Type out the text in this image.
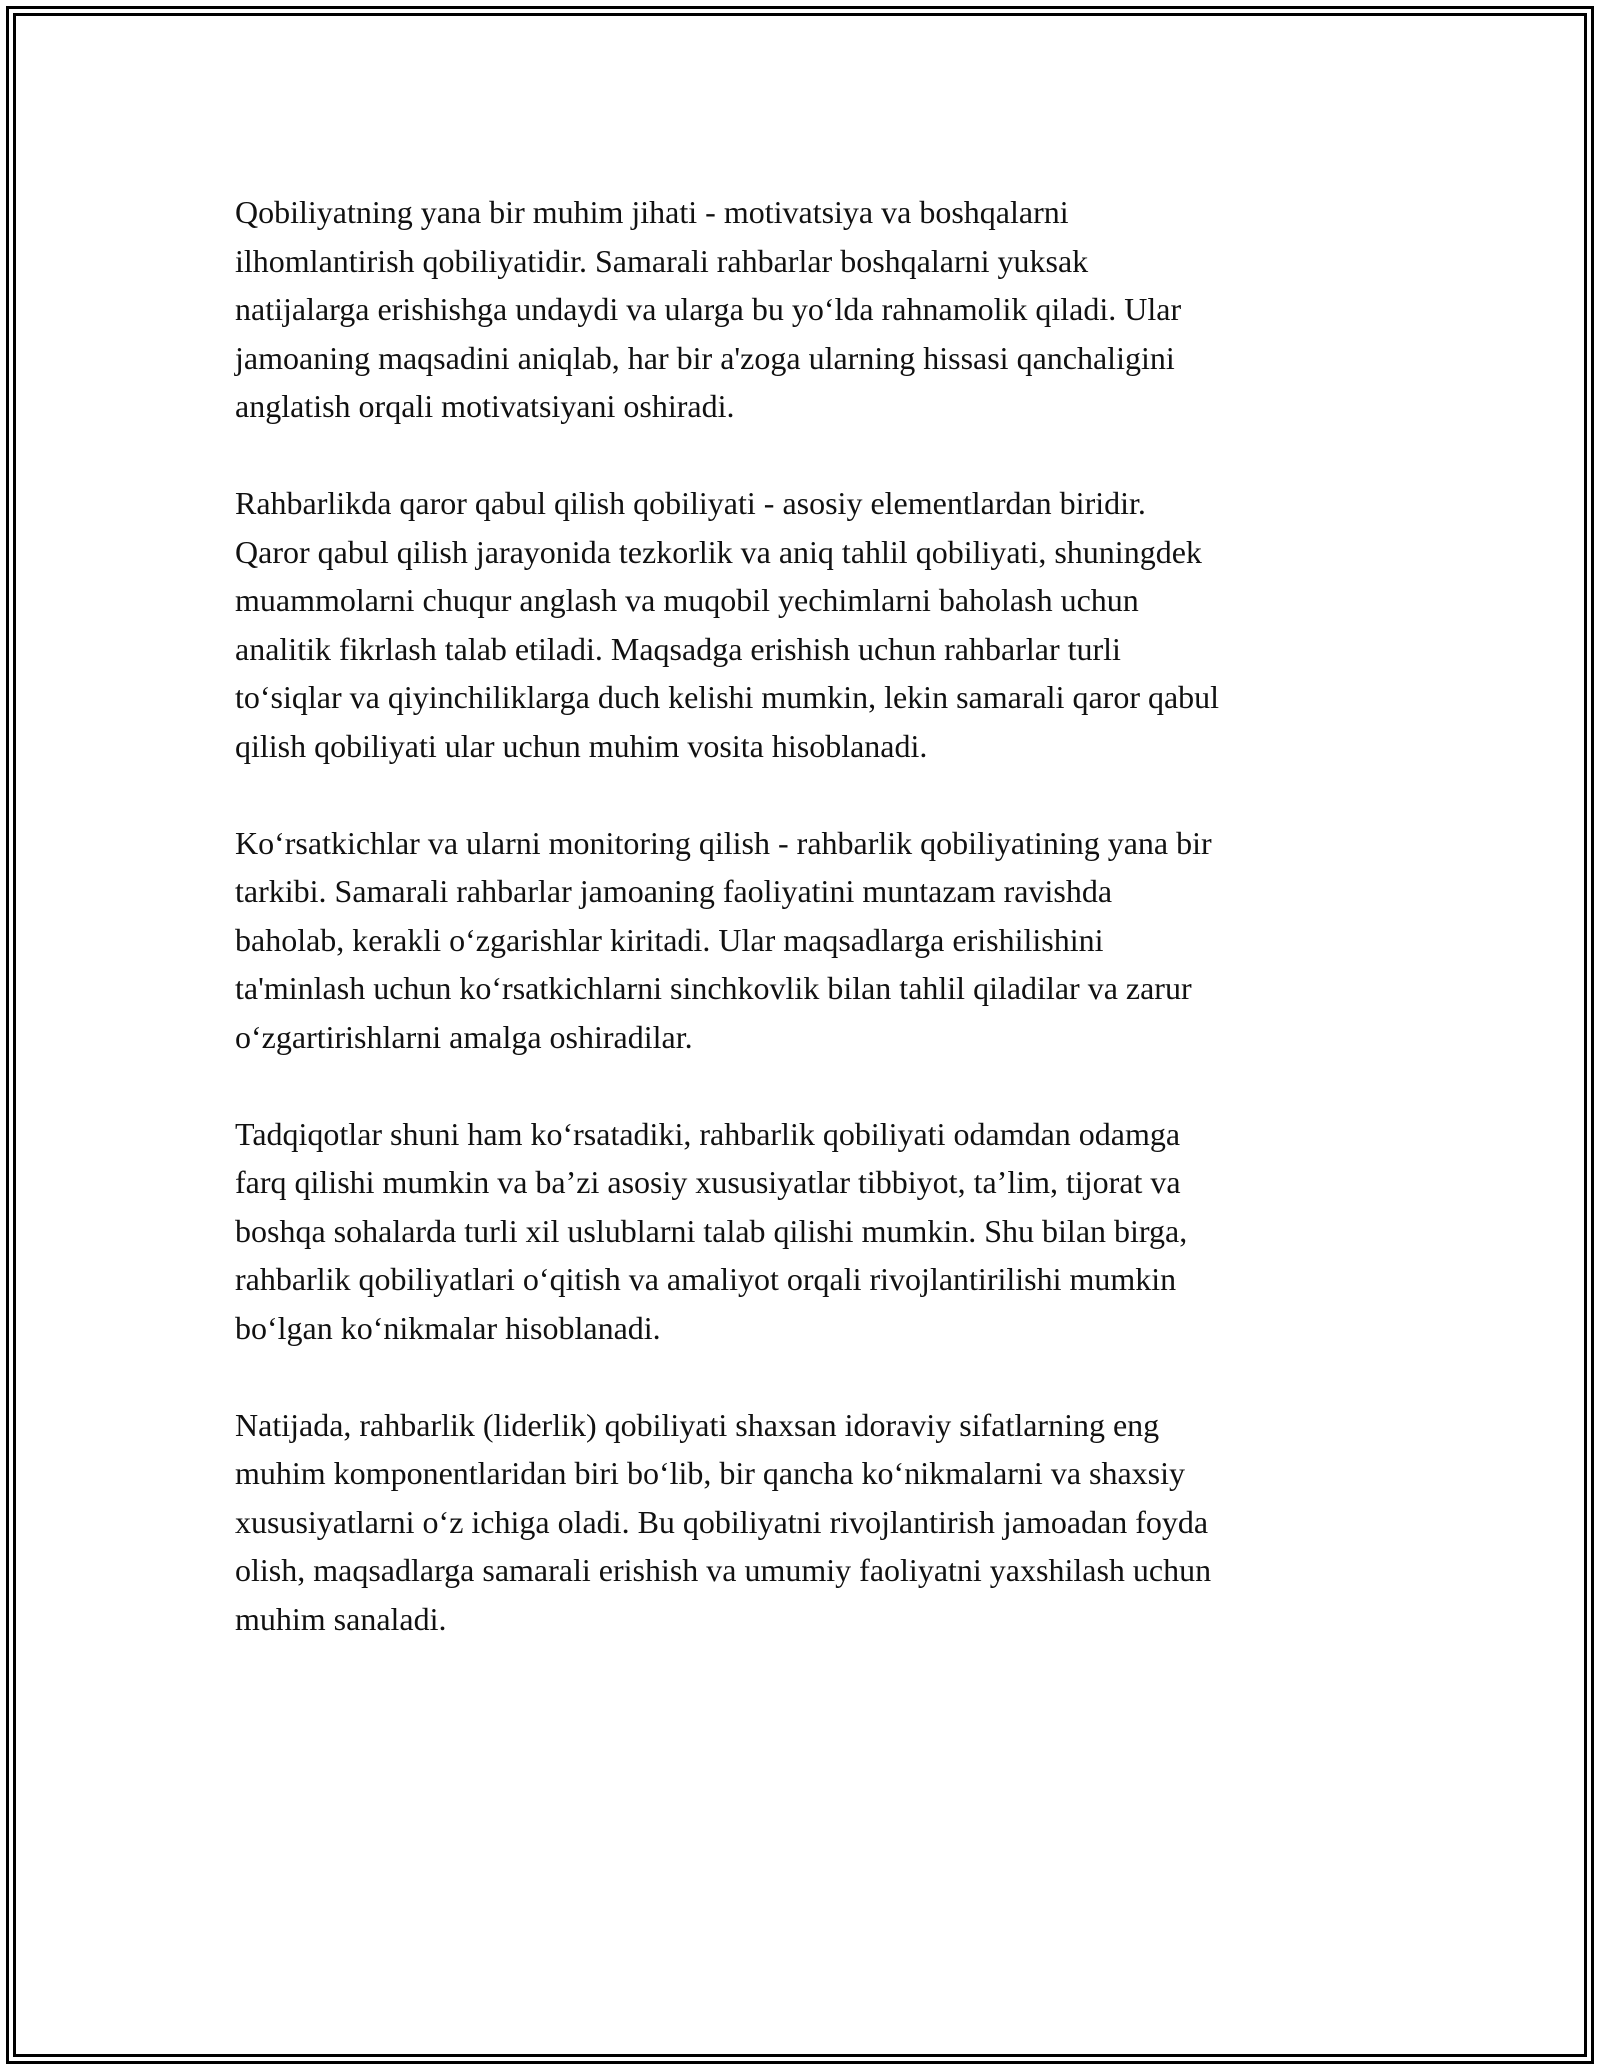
Qobiliyatning yana bir muhim jihati - motivatsiya va boshqalarni
ilhomlantirish qobiliyatidir. Samarali rahbarlar boshqalarni yuksak
natijalarga erishishga undaydi va ularga bu yo‘lda rahnamolik qiladi. Ular
jamoaning maqsadini aniqlab, har bir a'zoga ularning hissasi qanchaligini
anglatish orqali motivatsiyani oshiradi.

Rahbarlikda qaror qabul qilish qobiliyati - asosiy elementlardan biridir.
Qaror qabul qilish jarayonida tezkorlik va aniq tahlil qobiliyati, shuningdek
muammolarni chuqur anglash va muqobil yechimlarni baholash uchun
analitik fikrlash talab etiladi. Maqsadga erishish uchun rahbarlar turli
to‘siqlar va qiyinchiliklarga duch kelishi mumkin, lekin samarali qaror qabul
qilish qobiliyati ular uchun muhim vosita hisoblanadi.

Ko‘rsatkichlar va ularni monitoring qilish - rahbarlik qobiliyatining yana bir
tarkibi. Samarali rahbarlar jamoaning faoliyatini muntazam ravishda
baholab, kerakli o‘zgarishlar kiritadi. Ular maqsadlarga erishilishini
ta'minlash uchun ko‘rsatkichlarni sinchkovlik bilan tahlil qiladilar va zarur
o‘zgartirishlarni amalga oshiradilar.

Tadqiqotlar shuni ham ko‘rsatadiki, rahbarlik qobiliyati odamdan odamga
farq qilishi mumkin va ba’zi asosiy xususiyatlar tibbiyot, ta’lim, tijorat va
boshqa sohalarda turli xil uslublarni talab qilishi mumkin. Shu bilan birga,
rahbarlik qobiliyatlari o‘qitish va amaliyot orqali rivojlantirilishi mumkin
bo‘lgan ko‘nikmalar hisoblanadi.

Natijada, rahbarlik (liderlik) qobiliyati shaxsan idoraviy sifatlarning eng
muhim komponentlaridan biri bo‘lib, bir qancha ko‘nikmalarni va shaxsiy
xususiyatlarni o‘z ichiga oladi. Bu qobiliyatni rivojlantirish jamoadan foyda
olish, maqsadlarga samarali erishish va umumiy faoliyatni yaxshilash uchun
muhim sanaladi.
